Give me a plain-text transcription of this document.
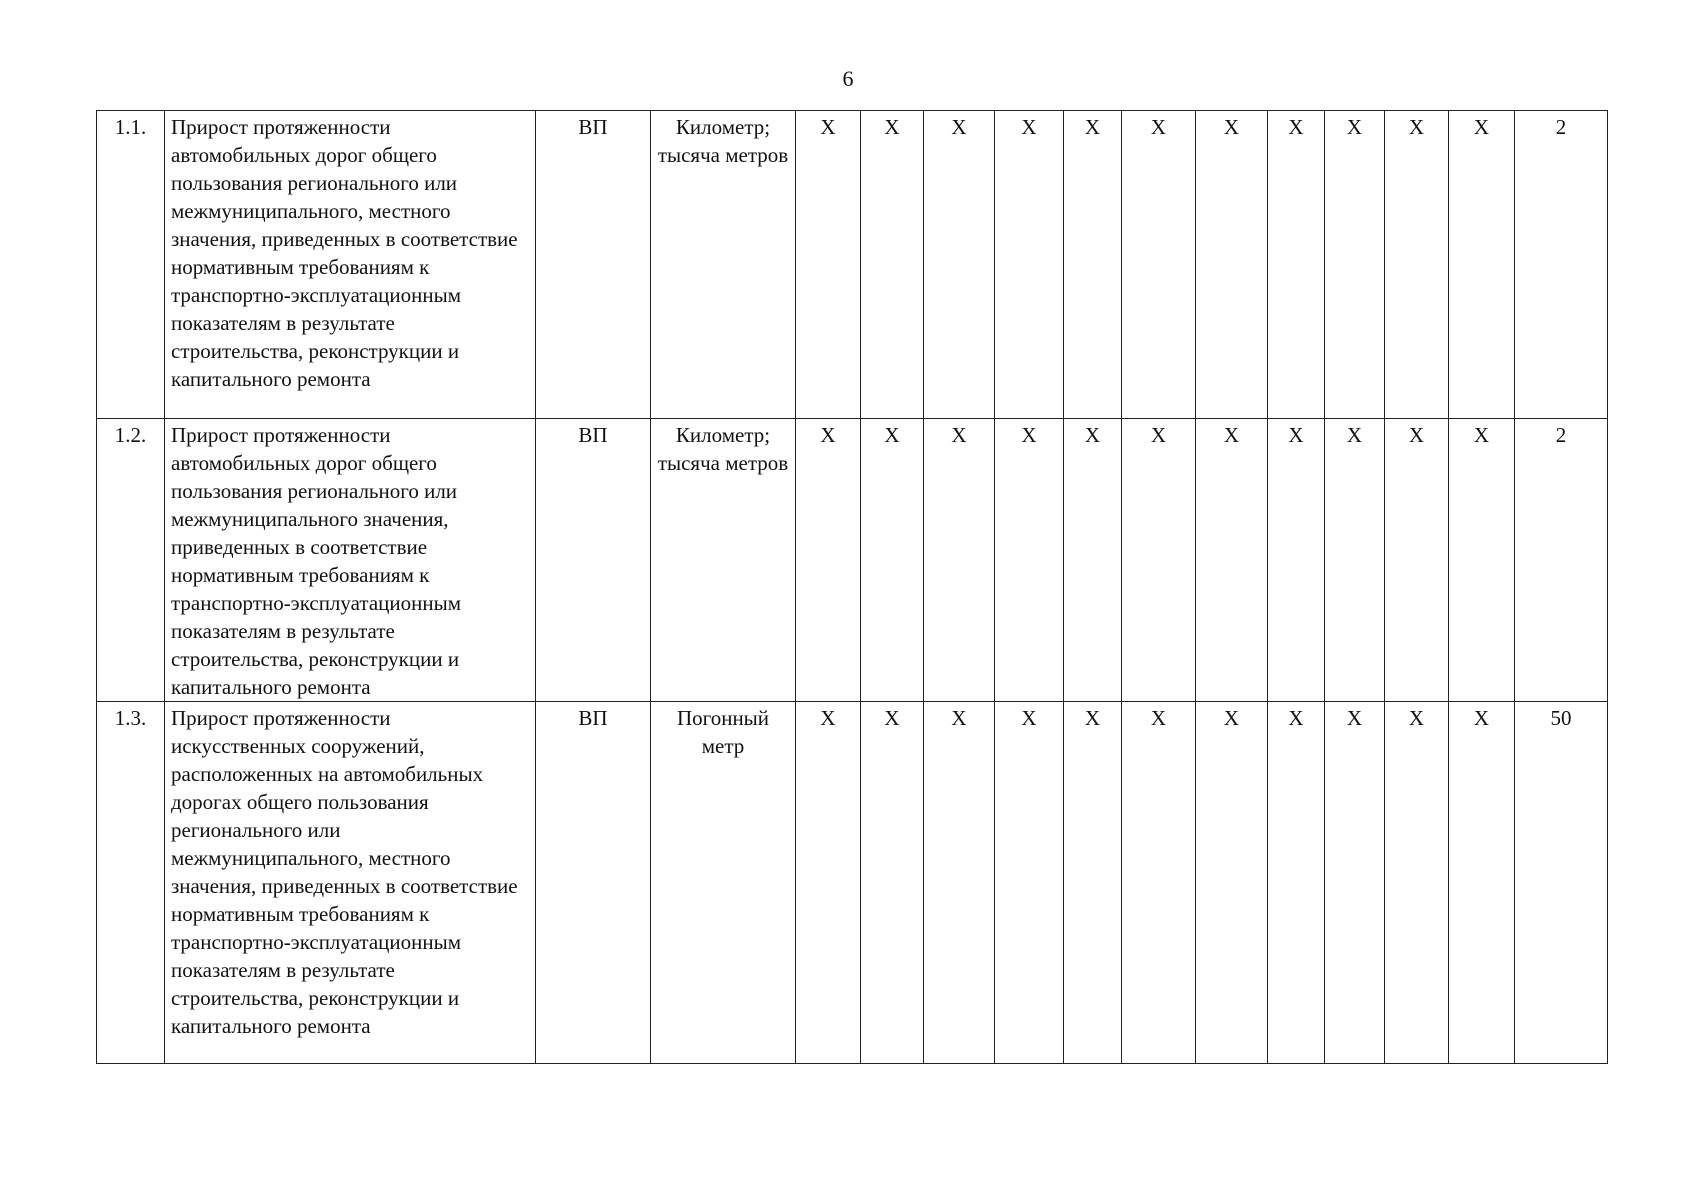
6
1.1.	Прирост протяженности автомобильных дорог общего пользования регионального или межмуниципального, местного значения, приведенных в соответствие нормативным требованиям к транспортно-эксплуатационным показателям в результате строительства, реконструкции и капитального ремонта	ВП	Километр; тысяча метров	X	X	X	X	X	X	X	X	X	X	X	2
1.2.	Прирост протяженности автомобильных дорог общего пользования регионального или межмуниципального значения, приведенных в соответствие нормативным требованиям к транспортно-эксплуатационным показателям в результате строительства, реконструкции и капитального ремонта	ВП	Километр; тысяча метров	X	X	X	X	X	X	X	X	X	X	X	2
1.3.	Прирост протяженности искусственных сооружений, расположенных на автомобильных дорогах общего пользования регионального или межмуниципального, местного значения, приведенных в соответствие нормативным требованиям к транспортно-эксплуатационным показателям в результате строительства, реконструкции и капитального ремонта	ВП	Погонный метр	X	X	X	X	X	X	X	X	X	X	X	50
